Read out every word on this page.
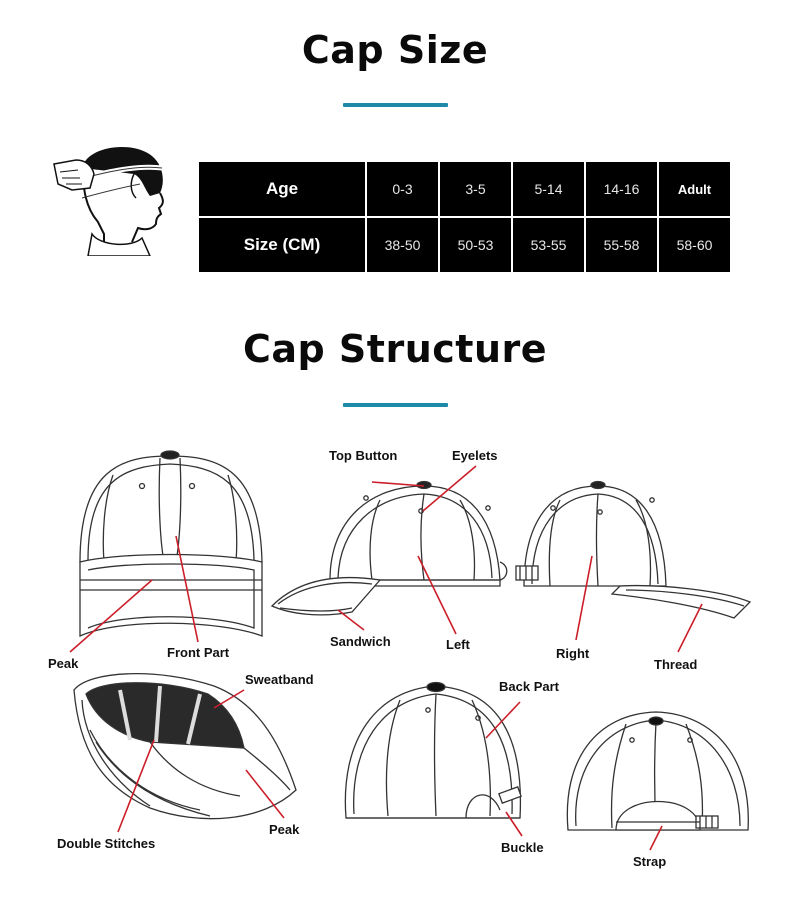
Cap Size
Age	0-3	3-5	5-14	14-16	Adult
Size (CM)	38-50	50-53	53-55	55-58	58-60
Cap Structure
Peak
Front Part
Top Button	Eyelets
Sandwich	Left
Right
Thread
Sweatband
Double Stitches
Peak
Back Part
Buckle
Strap
